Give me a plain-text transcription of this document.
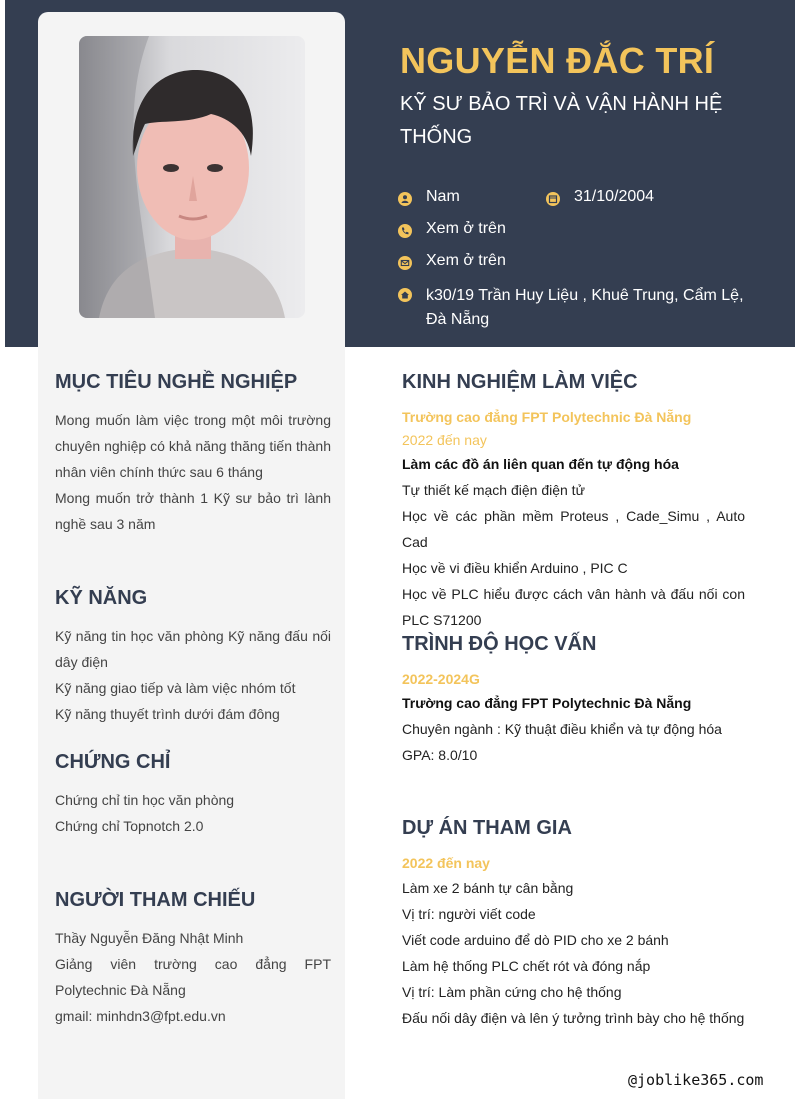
NGUYỄN ĐẮC TRÍ
KỸ SƯ BẢO TRÌ VÀ VẬN HÀNH HỆ THỐNG
Nam	31/10/2004
Xem ở trên
Xem ở trên
k30/19 Trần Huy Liệu , Khuê Trung, Cẩm Lệ, Đà Nẵng
MỤC TIÊU NGHỀ NGHIỆP

Mong muốn làm việc trong một môi trường chuyên nghiệp có khả năng thăng tiến thành nhân viên chính thức sau 6 tháng

Mong muốn trở thành 1 Kỹ sư bảo trì lành nghề sau 3 năm

KỸ NĂNG

Kỹ năng tin học văn phòng Kỹ năng đấu nối dây điện

Kỹ năng giao tiếp và làm việc nhóm tốt

Kỹ năng thuyết trình dưới đám đông

CHỨNG CHỈ

Chứng chỉ tin học văn phòng

Chứng chỉ Topnotch 2.0

NGƯỜI THAM CHIẾU

Thầy Nguyễn Đăng Nhật Minh

Giảng viên trường cao đẳng FPT Polytechnic Đà Nẵng

gmail: minhdn3@fpt.edu.vn

KINH NGHIỆM LÀM VIỆC

Trường cao đẳng FPT Polytechnic Đà Nẵng

2022 đến nay

Làm các đồ án liên quan đến tự động hóa

Tự thiết kế mạch điện điện tử

Học về các phần mềm Proteus , Cade_Simu , Auto Cad

Học về vi điều khiển Arduino , PIC C

Học về PLC hiểu được cách vân hành và đấu nối con PLC S71200

TRÌNH ĐỘ HỌC VẤN

2022-2024G

Trường cao đẳng FPT Polytechnic Đà Nẵng

Chuyên ngành : Kỹ thuật điều khiển và tự động hóa

GPA: 8.0/10

DỰ ÁN THAM GIA

2022 đến nay

Làm xe 2 bánh tự cân bằng

Vị trí: người viết code

Viết code arduino để dò PID cho xe 2 bánh

Làm hệ thống PLC chết rót và đóng nắp

Vị trí: Làm phần cứng cho hệ thống

Đấu nối dây điện và lên ý tưởng trình bày cho hệ thống

@joblike365.com
